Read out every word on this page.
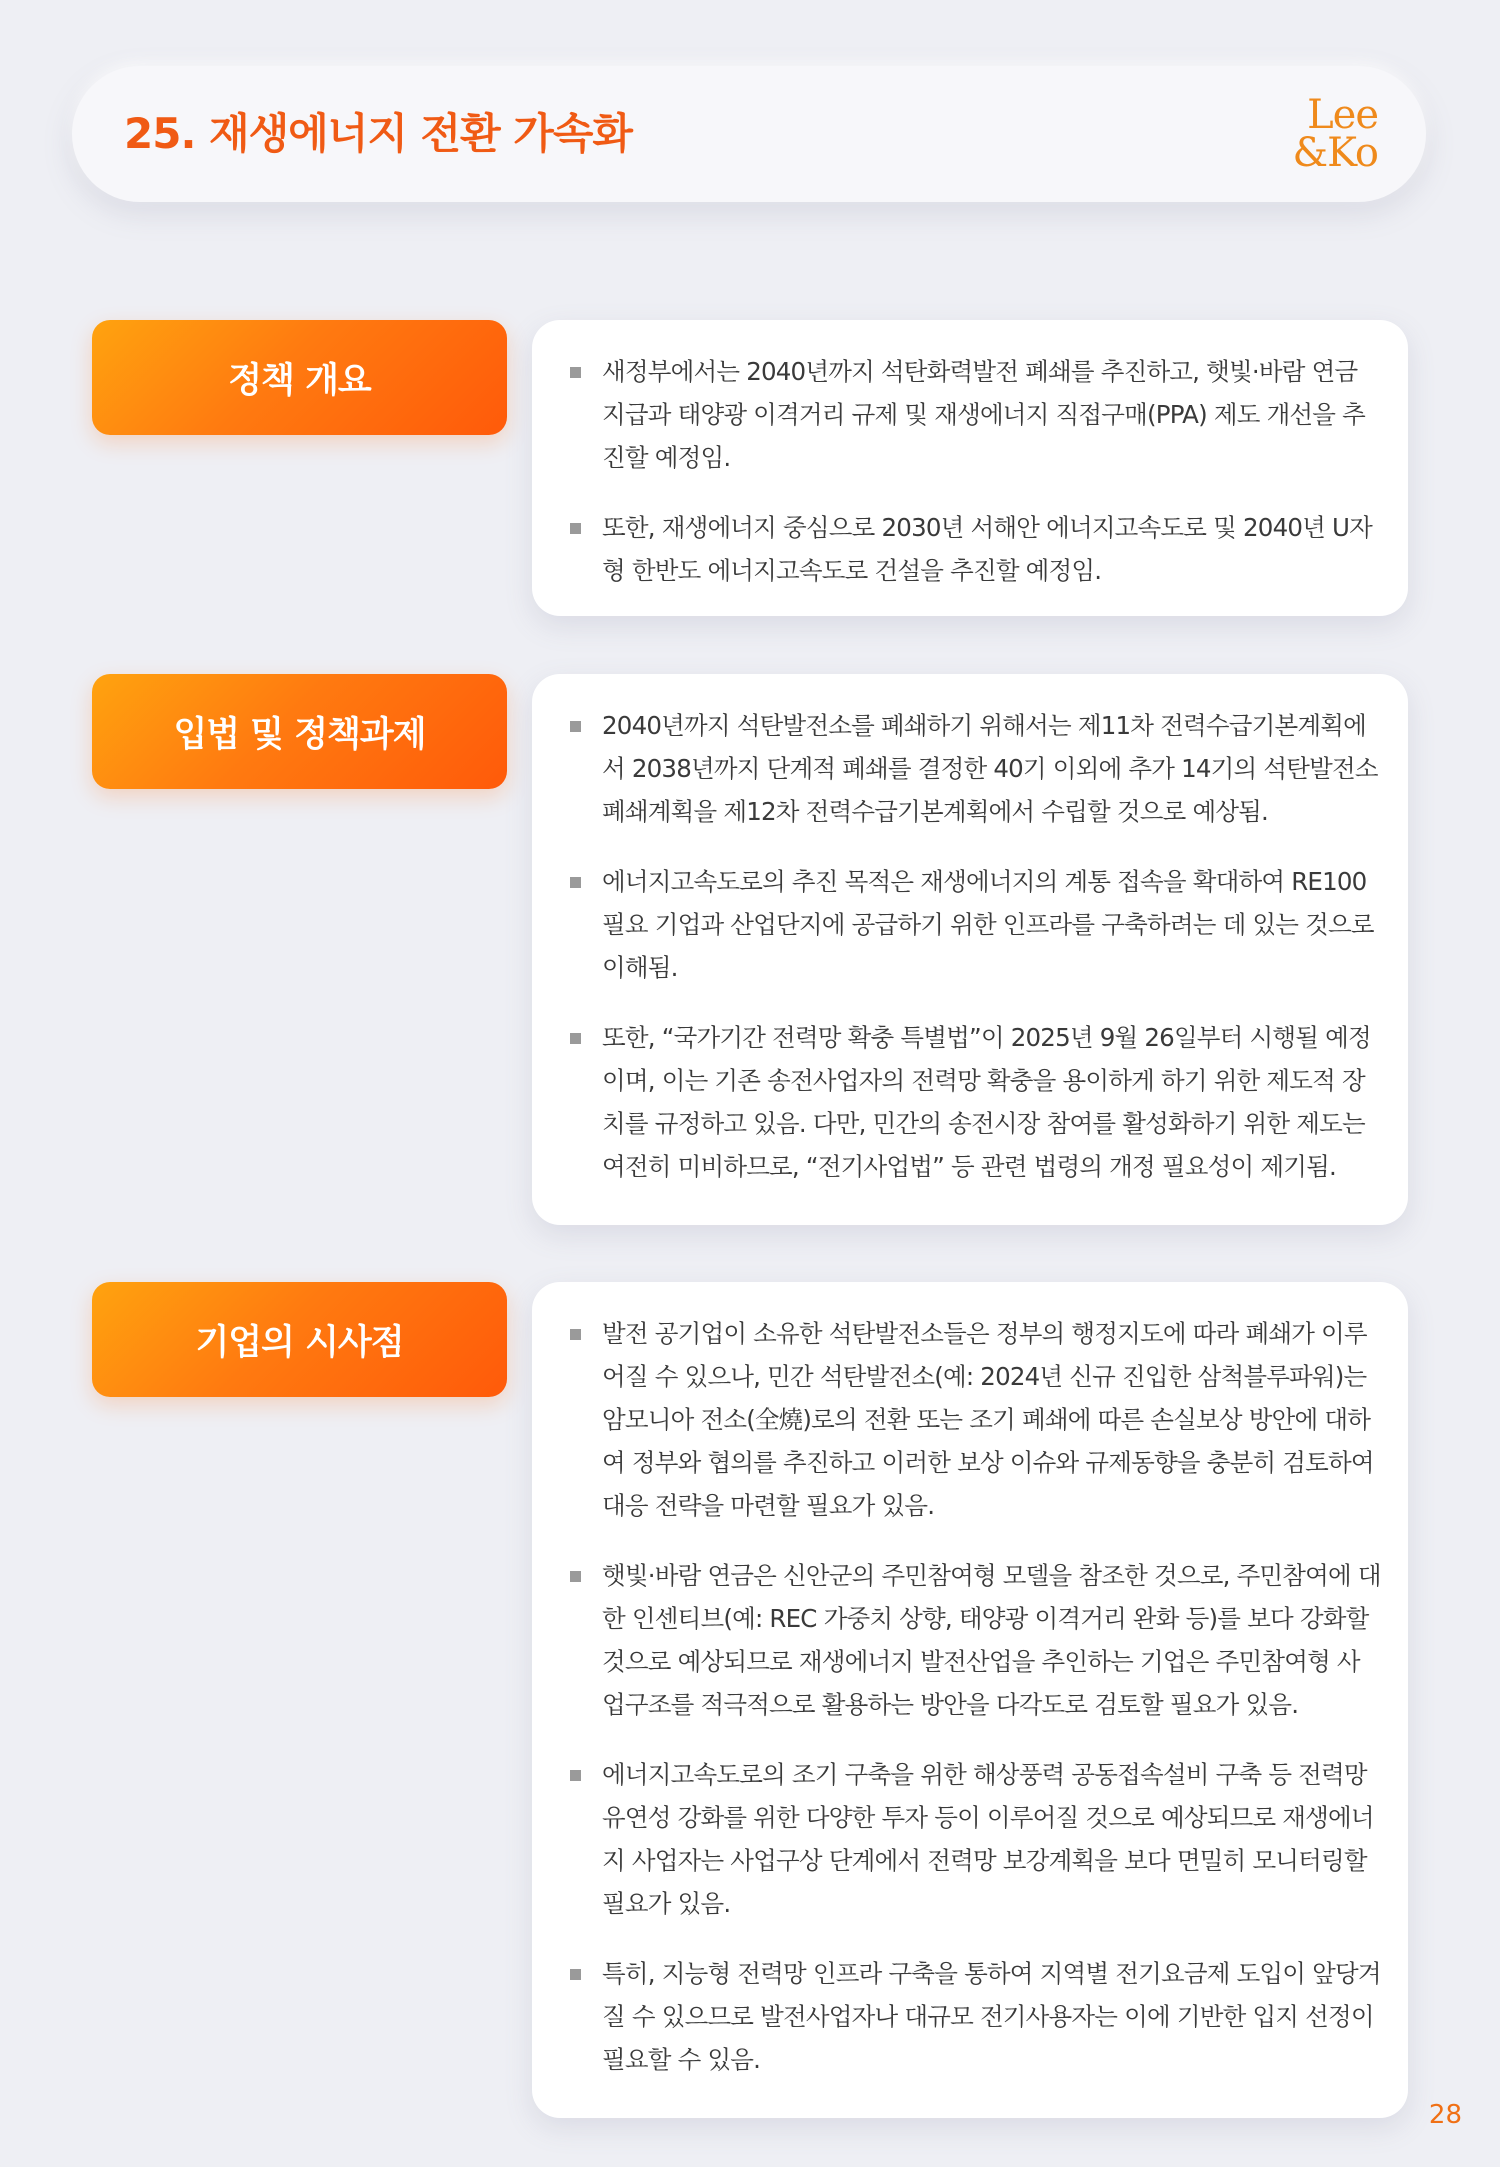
25. 재생에너지 전환 가속화	Lee
&Ko
정책 개요	새정부에서는 2040년까지 석탄화력발전 폐쇄를 추진하고, 햇빛·바람 연금 지급과 태양광 이격거리 규제 및 재생에너지 직접구매(PPA) 제도 개선을 추진할 예정임.
또한, 재생에너지 중심으로 2030년 서해안 에너지고속도로 및 2040년 U자형 한반도 에너지고속도로 건설을 추진할 예정임.
입법 및 정책과제	2040년까지 석탄발전소를 폐쇄하기 위해서는 제11차 전력수급기본계획에서 2038년까지 단계적 폐쇄를 결정한 40기 이외에 추가 14기의 석탄발전소 폐쇄계획을 제12차 전력수급기본계획에서 수립할 것으로 예상됨.
에너지고속도로의 추진 목적은 재생에너지의 계통 접속을 확대하여 RE100 필요 기업과 산업단지에 공급하기 위한 인프라를 구축하려는 데 있는 것으로 이해됨.
또한, “국가기간 전력망 확충 특별법”이 2025년 9월 26일부터 시행될 예정이며, 이는 기존 송전사업자의 전력망 확충을 용이하게 하기 위한 제도적 장치를 규정하고 있음. 다만, 민간의 송전시장 참여를 활성화하기 위한 제도는 여전히 미비하므로, “전기사업법” 등 관련 법령의 개정 필요성이 제기됨.
기업의 시사점	발전 공기업이 소유한 석탄발전소들은 정부의 행정지도에 따라 폐쇄가 이루어질 수 있으나, 민간 석탄발전소(예: 2024년 신규 진입한 삼척블루파워)는 암모니아 전소(全燒)로의 전환 또는 조기 폐쇄에 따른 손실보상 방안에 대하여 정부와 협의를 추진하고 이러한 보상 이슈와 규제동향을 충분히 검토하여 대응 전략을 마련할 필요가 있음.
햇빛·바람 연금은 신안군의 주민참여형 모델을 참조한 것으로, 주민참여에 대한 인센티브(예: REC 가중치 상향, 태양광 이격거리 완화 등)를 보다 강화할 것으로 예상되므로 재생에너지 발전산업을 추인하는 기업은 주민참여형 사업구조를 적극적으로 활용하는 방안을 다각도로 검토할 필요가 있음.
에너지고속도로의 조기 구축을 위한 해상풍력 공동접속설비 구축 등 전력망 유연성 강화를 위한 다양한 투자 등이 이루어질 것으로 예상되므로 재생에너지 사업자는 사업구상 단계에서 전력망 보강계획을 보다 면밀히 모니터링할 필요가 있음.
특히, 지능형 전력망 인프라 구축을 통하여 지역별 전기요금제 도입이 앞당겨질 수 있으므로 발전사업자나 대규모 전기사용자는 이에 기반한 입지 선정이 필요할 수 있음.
28
